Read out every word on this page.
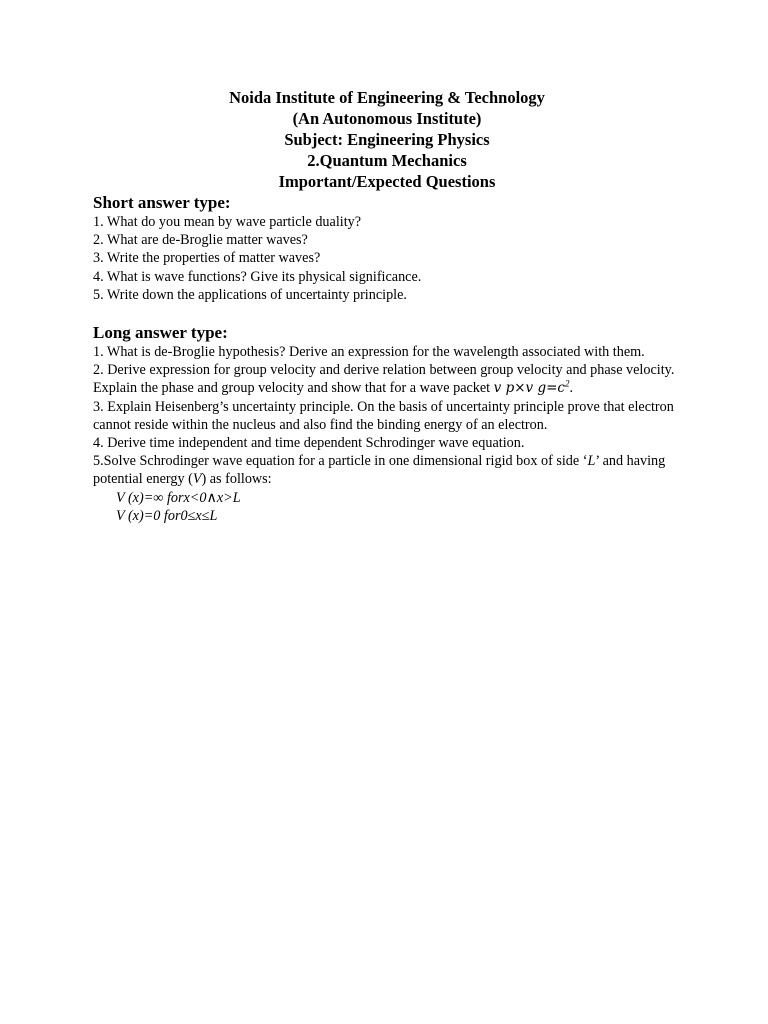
Noida Institute of Engineering & Technology
(An Autonomous Institute)
Subject: Engineering Physics
2.Quantum Mechanics
Important/Expected Questions
Short answer type:
1. What do you mean by wave particle duality?
2. What are de-Broglie matter waves?
3. Write the properties of matter waves?
4. What is wave functions? Give its physical significance.
5. Write down the applications of uncertainty principle.
Long answer type:
1. What is de-Broglie hypothesis? Derive an expression for the wavelength associated with them.
2. Derive expression for group velocity and derive relation between group velocity and phase velocity. Explain the phase and group velocity and show that for a wave packet v p×v $g=c^2$.
3. Explain Heisenberg’s uncertainty principle. On the basis of uncertainty principle prove that electron cannot reside within the nucleus and also find the binding energy of an electron.
4. Derive time independent and time dependent Schrodinger wave equation.
5.Solve Schrodinger wave equation for a particle in one dimensional rigid box of side ‘L’ and having potential energy (V) as follows:
V (x)=∞ forx<0∧x>L
V (x)=0 for0≤x≤L
